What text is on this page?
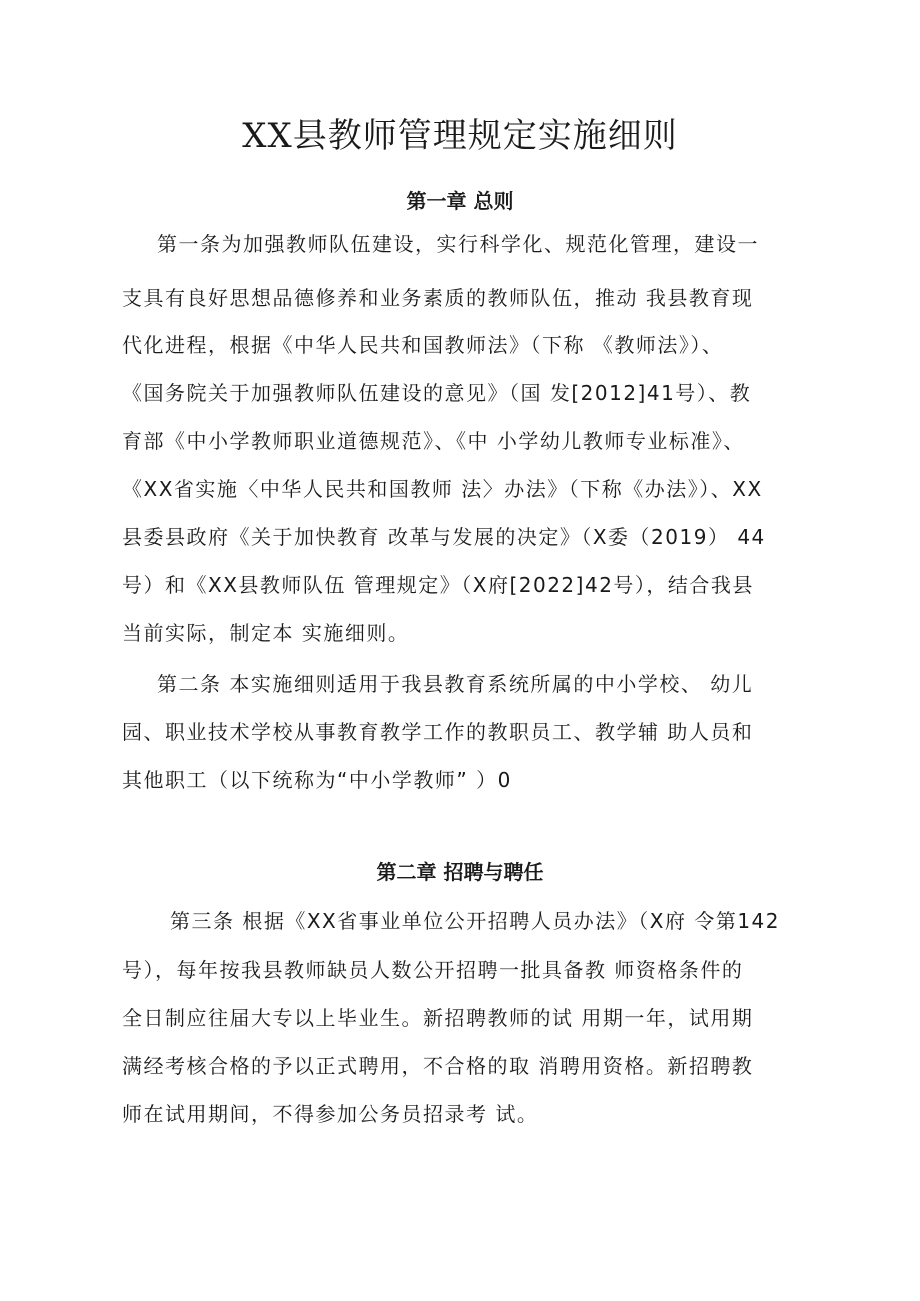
XX县教师管理规定实施细则
第一章 总则
第一条为加强教师队伍建设，实行科学化、规范化管理，建设一
支具有良好思想品德修养和业务素质的教师队伍，推动 我县教育现
代化进程，根据《中华人民共和国教师法》（下称 《教师法》）、
《国务院关于加强教师队伍建设的意见》（国 发[2012]41号）、教
育部《中小学教师职业道德规范》、《中 小学幼儿教师专业标准》、
《XX省实施〈中华人民共和国教师 法〉办法》（下称《办法》）、XX
县委县政府《关于加快教育 改革与发展的决定》（X委（2019） 44
号）和《XX县教师队伍 管理规定》（X府[2022]42号），结合我县
当前实际，制定本 实施细则。
第二条 本实施细则适用于我县教育系统所属的中小学校、 幼儿
园、职业技术学校从事教育教学工作的教职员工、教学辅 助人员和
其他职工（以下统称为“中小学教师” ）0
第二章 招聘与聘任
第三条 根据《XX省事业单位公开招聘人员办法》（X府 令第142
号），每年按我县教师缺员人数公开招聘一批具备教 师资格条件的
全日制应往届大专以上毕业生。新招聘教师的试 用期一年，试用期
满经考核合格的予以正式聘用，不合格的取 消聘用资格。新招聘教
师在试用期间，不得参加公务员招录考 试。
